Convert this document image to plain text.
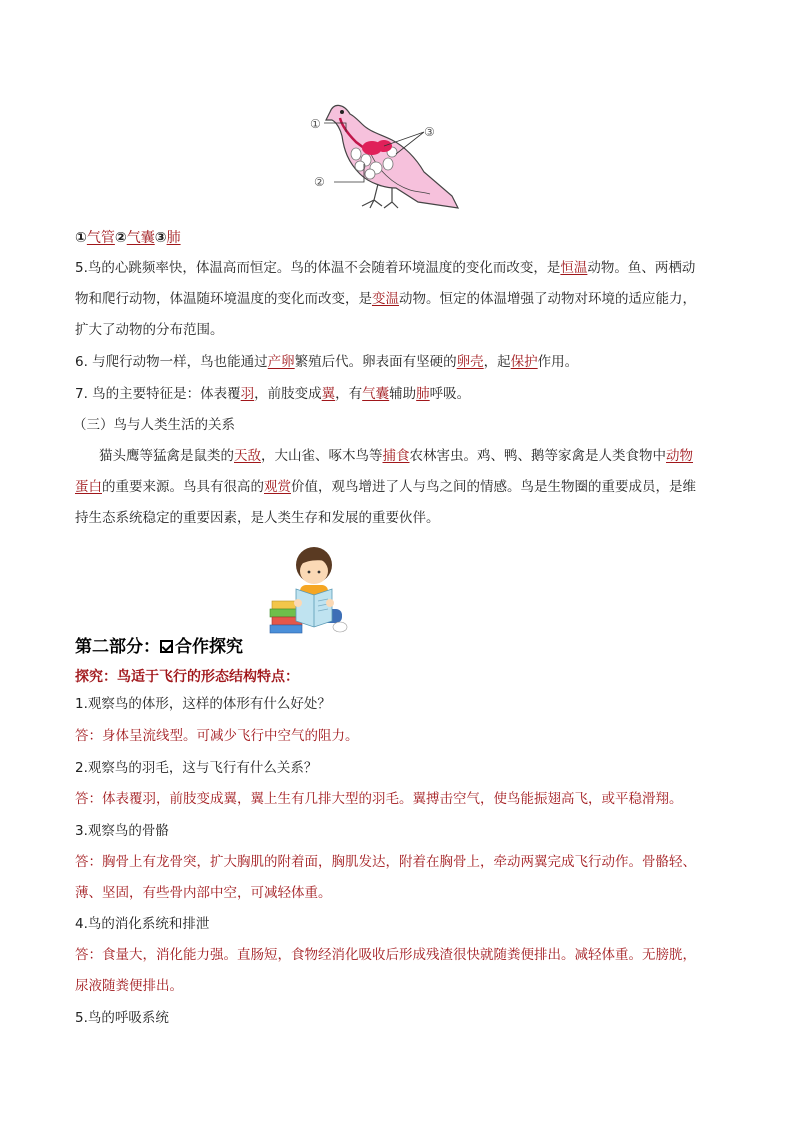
①
②
③
①气管②气囊③肺
5.鸟的心跳频率快，体温高而恒定。鸟的体温不会随着环境温度的变化而改变，是恒温动物。鱼、两栖动
物和爬行动物，体温随环境温度的变化而改变，是变温动物。恒定的体温增强了动物对环境的适应能力，
扩大了动物的分布范围。
6. 与爬行动物一样，鸟也能通过产卵繁殖后代。卵表面有坚硬的卵壳，起保护作用。
7. 鸟的主要特征是：体表覆羽，前肢变成翼，有气囊辅助肺呼吸。
（三）鸟与人类生活的关系
猫头鹰等猛禽是鼠类的天敌，大山雀、啄木鸟等捕食农林害虫。鸡、鸭、鹅等家禽是人类食物中动物
蛋白的重要来源。鸟具有很高的观赏价值，观鸟增进了人与鸟之间的情感。鸟是生物圈的重要成员，是维
持生态系统稳定的重要因素，是人类生存和发展的重要伙伴。
第二部分： 合作探究
探究：鸟适于飞行的形态结构特点：
1.观察鸟的体形，这样的体形有什么好处？
答：身体呈流线型。可减少飞行中空气的阻力。
2.观察鸟的羽毛，这与飞行有什么关系？
答：体表覆羽，前肢变成翼，翼上生有几排大型的羽毛。翼搏击空气，使鸟能振翅高飞，或平稳滑翔。
3.观察鸟的骨骼
答：胸骨上有龙骨突，扩大胸肌的附着面，胸肌发达，附着在胸骨上，牵动两翼完成飞行动作。骨骼轻、
薄、坚固，有些骨内部中空，可减轻体重。
4.鸟的消化系统和排泄
答：食量大，消化能力强。直肠短，食物经消化吸收后形成残渣很快就随粪便排出。减轻体重。无膀胱，
尿液随粪便排出。
5.鸟的呼吸系统
